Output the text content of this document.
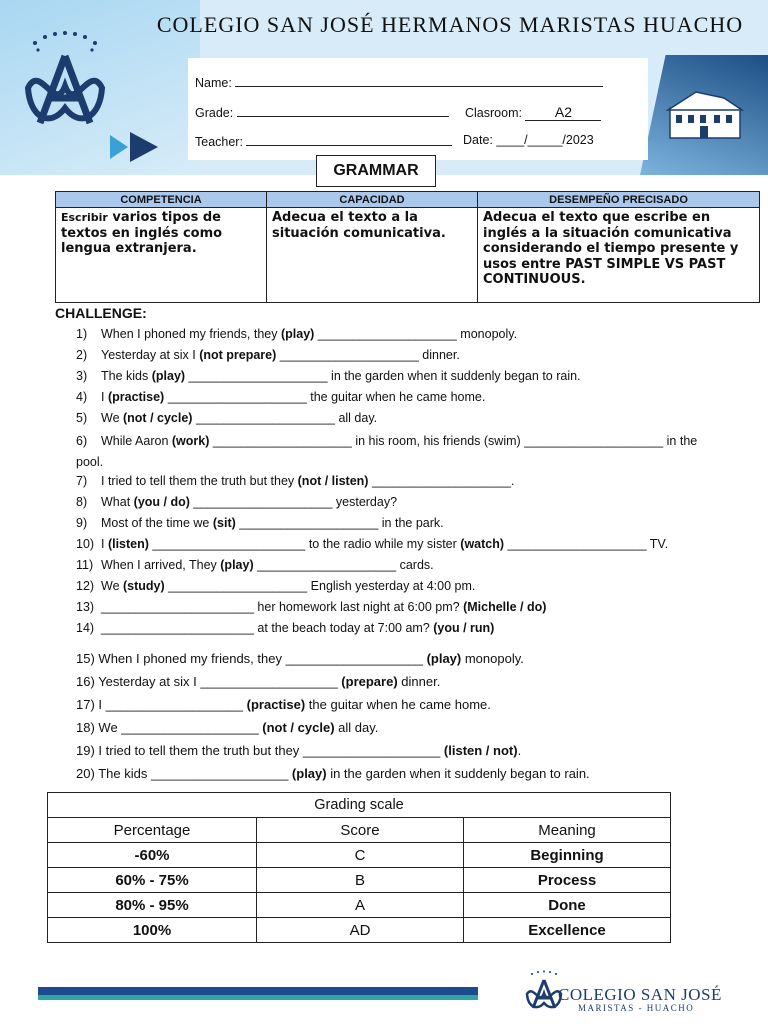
COLEGIO SAN JOSÉ HERMANOS MARISTAS HUACHO
Name:
Grade:	Clasroom: A2
Teacher:	Date: ____/_____/2023
GRAMMAR
COMPETENCIA	CAPACIDAD	DESEMPEÑO PRECISADO
Escribir varios tipos de textos en inglés como lengua extranjera.	Adecua el texto a la situación comunicativa.	Adecua el texto que escribe en inglés a la situación comunicativa considerando el tiempo presente y usos entre PAST SIMPLE VS PAST CONTINUOUS.
CHALLENGE:
1) When I phoned my friends, they (play) ____________________ monopoly.
2) Yesterday at six I (not prepare) ____________________ dinner.
3) The kids (play) ____________________ in the garden when it suddenly began to rain.
4) I (practise) ____________________ the guitar when he came home.
5) We (not / cycle) ____________________ all day.
6) While Aaron (work) ____________________ in his room, his friends (swim) ____________________ in the pool.
7) I tried to tell them the truth but they (not / listen) ____________________.
8) What (you / do) ____________________ yesterday?
9) Most of the time we (sit) ____________________ in the park.
10) I (listen) ______________________ to the radio while my sister (watch) ____________________ TV.
11) When I arrived, They (play) ____________________ cards.
12) We (study) ____________________ English yesterday at 4:00 pm.
13) ______________________ her homework last night at 6:00 pm? (Michelle / do)
14) ______________________ at the beach today at 7:00 am? (you / run)
15) When I phoned my friends, they ___________________ (play) monopoly.
16) Yesterday at six I ___________________ (prepare) dinner.
17) I ___________________ (practise) the guitar when he came home.
18) We ___________________ (not / cycle) all day.
19) I tried to tell them the truth but they ___________________ (listen / not).
20) The kids ___________________ (play) in the garden when it suddenly began to rain.
Grading scale		
Percentage	Score	Meaning
-60%	C	Beginning
60% - 75%	B	Process
80% - 95%	A	Done
100%	AD	Excellence
COLEGIO SAN JOSÉ
MARISTAS - HUACHO
